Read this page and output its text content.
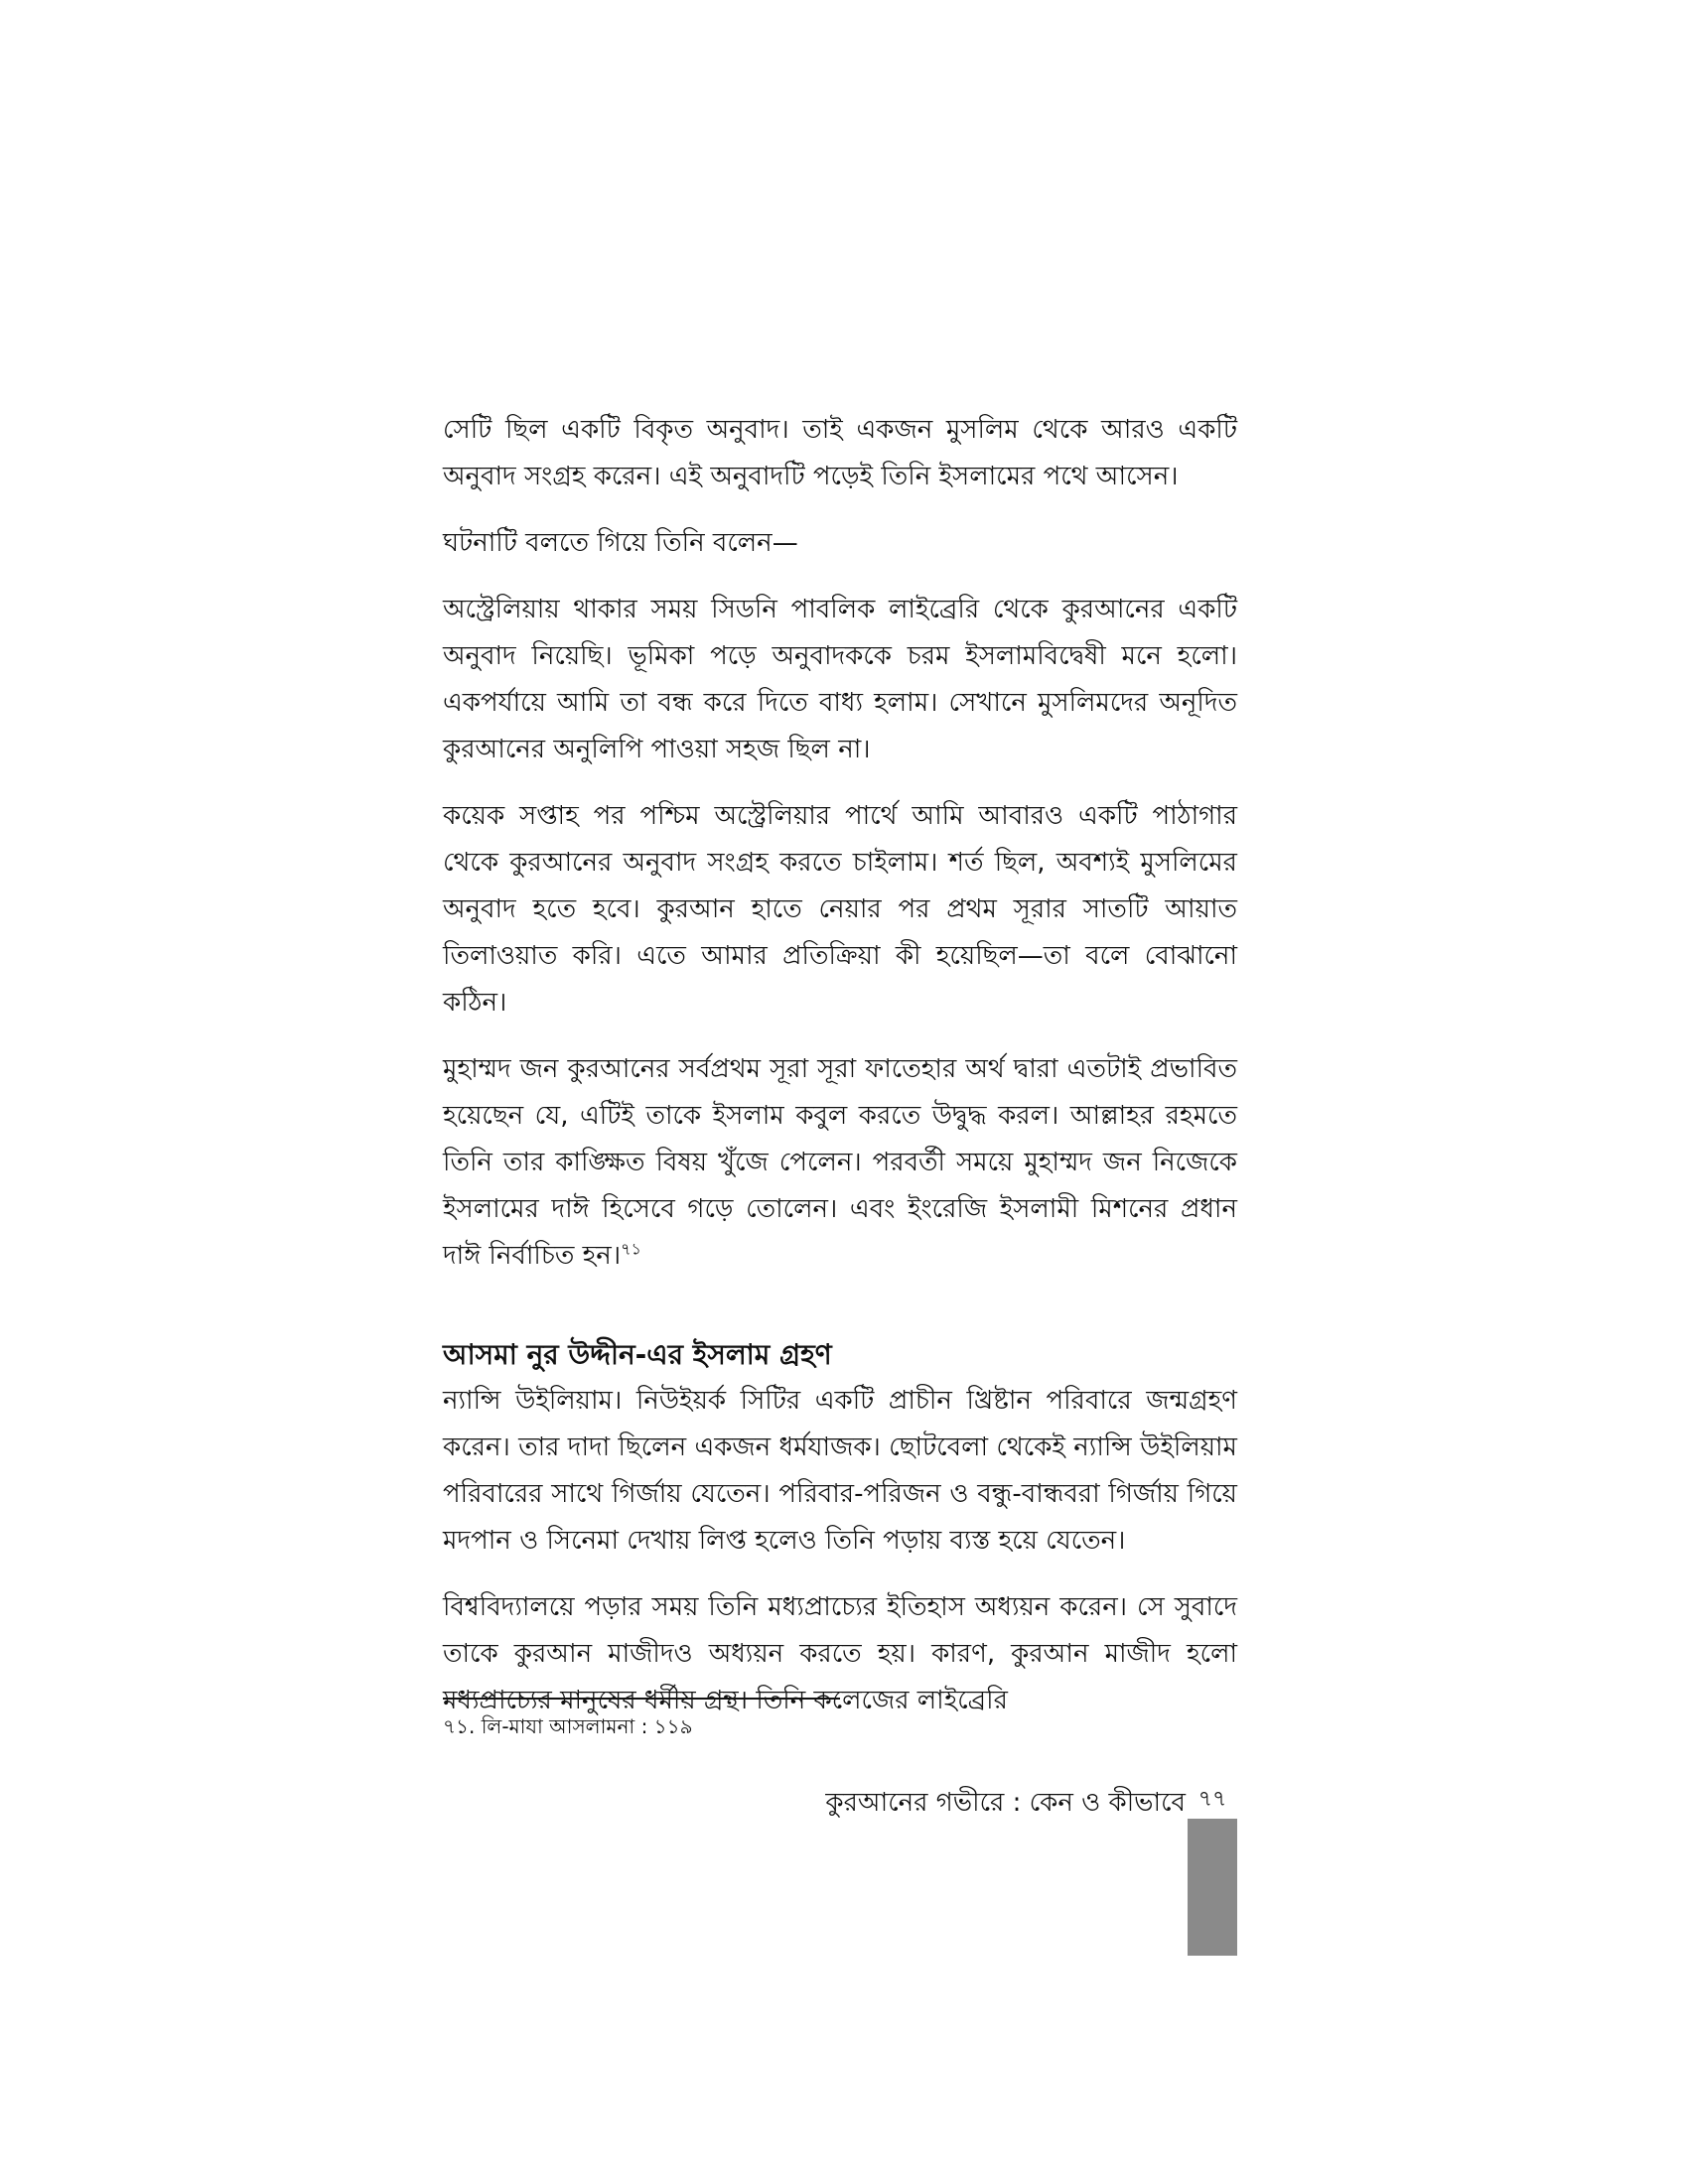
সেটি ছিল একটি বিকৃত অনুবাদ। তাই একজন মুসলিম থেকে আরও একটি অনুবাদ সংগ্রহ করেন। এই অনুবাদটি পড়েই তিনি ইসলামের পথে আসেন।

ঘটনাটি বলতে গিয়ে তিনি বলেন—

অস্ট্রেলিয়ায় থাকার সময় সিডনি পাবলিক লাইব্রেরি থেকে কুরআনের একটি অনুবাদ নিয়েছি। ভূমিকা পড়ে অনুবাদককে চরম ইসলামবিদ্বেষী মনে হলো। একপর্যায়ে আমি তা বন্ধ করে দিতে বাধ্য হলাম। সেখানে মুসলিমদের অনূদিত কুরআনের অনুলিপি পাওয়া সহজ ছিল না।

কয়েক সপ্তাহ পর পশ্চিম অস্ট্রেলিয়ার পার্থে আমি আবারও একটি পাঠাগার থেকে কুরআনের অনুবাদ সংগ্রহ করতে চাইলাম। শর্ত ছিল, অবশ্যই মুসলিমের অনুবাদ হতে হবে। কুরআন হাতে নেয়ার পর প্রথম সূরার সাতটি আয়াত তিলাওয়াত করি। এতে আমার প্রতিক্রিয়া কী হয়েছিল—তা বলে বোঝানো কঠিন।

মুহাম্মদ জন কুরআনের সর্বপ্রথম সূরা সূরা ফাতেহার অর্থ দ্বারা এতটাই প্রভাবিত হয়েছেন যে, এটিই তাকে ইসলাম কবুল করতে উদ্বুদ্ধ করল। আল্লাহর রহমতে তিনি তার কাঙ্ক্ষিত বিষয় খুঁজে পেলেন। পরবর্তী সময়ে মুহাম্মদ জন নিজেকে ইসলামের দাঈ হিসেবে গড়ে তোলেন। এবং ইংরেজি ইসলামী মিশনের প্রধান দাঈ নির্বাচিত হন।$^{৭১}$

আসমা নুর উদ্দীন-এর ইসলাম গ্রহণ

ন্যান্সি উইলিয়াম। নিউইয়র্ক সিটির একটি প্রাচীন খ্রিষ্টান পরিবারে জন্মগ্রহণ করেন। তার দাদা ছিলেন একজন ধর্মযাজক। ছোটবেলা থেকেই ন্যান্সি উইলিয়াম পরিবারের সাথে গির্জায় যেতেন। পরিবার-পরিজন ও বন্ধু-বান্ধবরা গির্জায় গিয়ে মদপান ও সিনেমা দেখায় লিপ্ত হলেও তিনি পড়ায় ব্যস্ত হয়ে যেতেন।

বিশ্ববিদ্যালয়ে পড়ার সময় তিনি মধ্যপ্রাচ্যের ইতিহাস অধ্যয়ন করেন। সে সুবাদে তাকে কুরআন মাজীদও অধ্যয়ন করতে হয়। কারণ, কুরআন মাজীদ হলো মধ্যপ্রাচ্যের মানুষের ধর্মীয় গ্রন্থ। তিনি কলেজের লাইব্রেরি

৭১. লি-মাযা আসলামনা : ১১৯
কুরআনের গভীরে : কেন ও কীভাবে ৭৭
